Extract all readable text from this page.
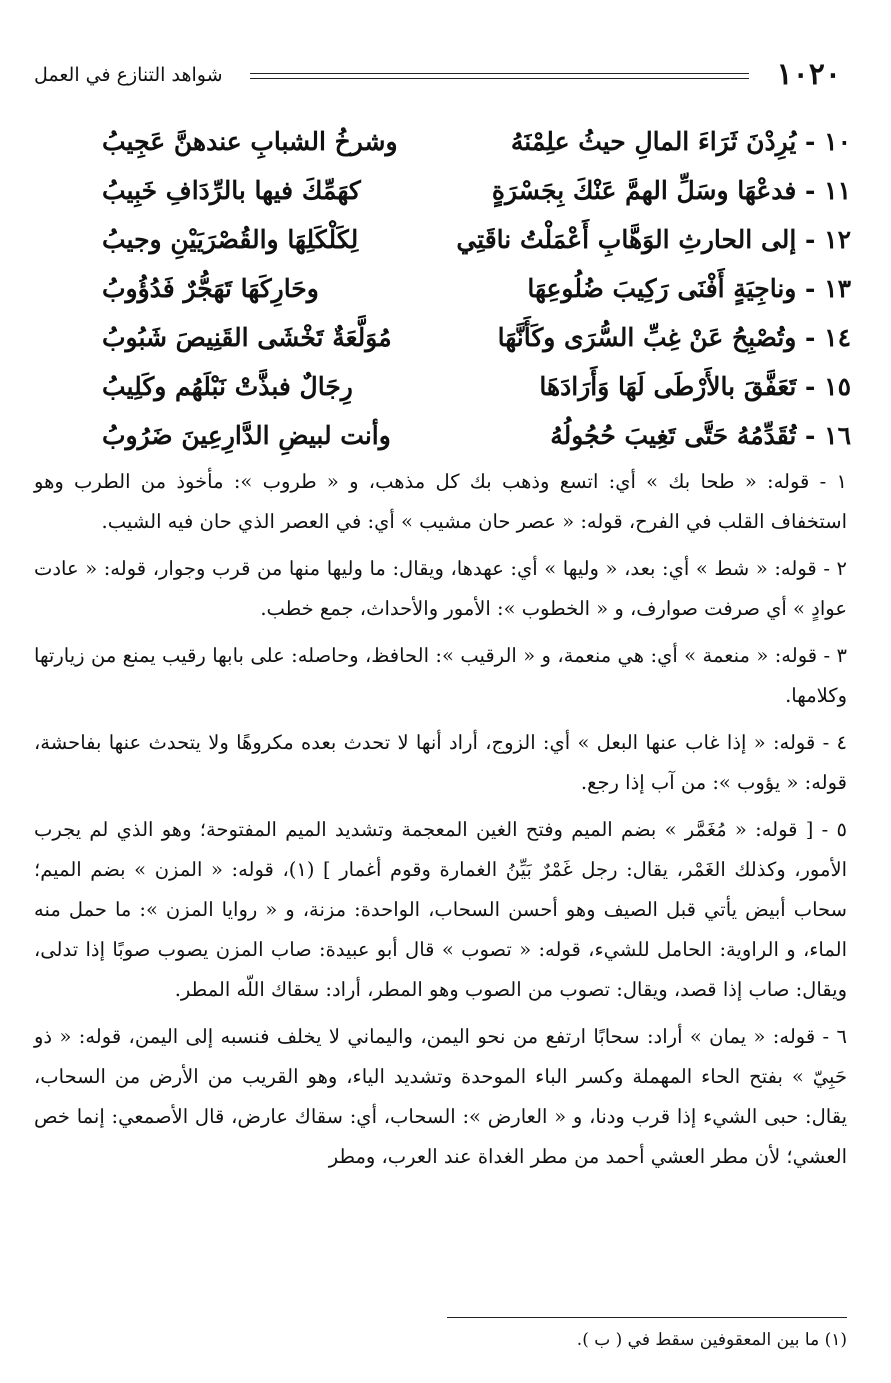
١٠٢٠
شواهد التنازع في العمل
١٠ - يُرِدْنَ ثَرَاءَ المالِ حيثُ علِمْنَهُ
وشرخُ الشبابِ عندهنَّ عَجِيبُ
١١ - فدعْهَا وسَلِّ الهمَّ عَنْكَ بِجَسْرَةٍ
كهَمِّكَ فيها بالرِّدَافِ خَبِيبُ
١٢ - إلى الحارثِ الوَهَّابِ أَعْمَلْتُ ناقَتِي
لِكَلْكَلِهَا والقُصْرَيَيْنِ وجيبُ
١٣ - وناجِيَةٍ أَفْنَى رَكِيبَ ضُلُوعِهَا
وحَارِكَهَا تَهَجُّرٌ فَدُؤُوبُ
١٤ - وتُصْبِحُ عَنْ غِبِّ السُّرَى وكَأَنَّهَا
مُوَلَّعَةٌ تَخْشَى القَنِيصَ شَبُوبُ
١٥ - تَعَفَّقَ بالأَرْطَى لَهَا وَأَرَادَهَا
رِجَالٌ فبذَّتْ نَبْلَهُم وكَلِيبُ
١٦ - تُقَدِّمُهُ حَتَّى تَغِيبَ حُجُولُهُ
وأنت لبيضِ الدَّارِعِينَ ضَرُوبُ

١ - قوله: « طحا بك » أي: اتسع وذهب بك كل مذهب، و « طروب »: مأخوذ من الطرب وهو استخفاف القلب في الفرح، قوله: « عصر حان مشيب » أي: في العصر الذي حان فيه الشيب.

٢ - قوله: « شط » أي: بعد، « وليها » أي: عهدها، ويقال: ما وليها منها من قرب وجوار، قوله: « عادت عوادٍ » أي صرفت صوارف، و « الخطوب »: الأمور والأحداث، جمع خطب.

٣ - قوله: « منعمة » أي: هي منعمة، و « الرقيب »: الحافظ، وحاصله: على بابها رقيب يمنع من زيارتها وكلامها.

٤ - قوله: « إذا غاب عنها البعل » أي: الزوج، أراد أنها لا تحدث بعده مكروهًا ولا يتحدث عنها بفاحشة، قوله: « يؤوب »: من آب إذا رجع.

٥ - [ قوله: « مُغَمَّر » بضم الميم وفتح الغين المعجمة وتشديد الميم المفتوحة؛ وهو الذي لم يجرب الأمور، وكذلك الغَمْر، يقال: رجل غَمْرٌ بَيِّنُ الغمارة وقوم أغمار ] (١)، قوله: « المزن » بضم الميم؛ سحاب أبيض يأتي قبل الصيف وهو أحسن السحاب، الواحدة: مزنة، و « روايا المزن »: ما حمل منه الماء، و الراوية: الحامل للشيء، قوله: « تصوب » قال أبو عبيدة: صاب المزن يصوب صوبًا إذا تدلى، ويقال: صاب إذا قصد، ويقال: تصوب من الصوب وهو المطر، أراد: سقاك اللّه المطر.

٦ - قوله: « يمان » أراد: سحابًا ارتفع من نحو اليمن، واليماني لا يخلف فنسبه إلى اليمن، قوله: « ذو حَبِيّ » بفتح الحاء المهملة وكسر الباء الموحدة وتشديد الياء، وهو القريب من الأرض من السحاب، يقال: حبى الشيء إذا قرب ودنا، و « العارض »: السحاب، أي: سقاك عارض، قال الأصمعي: إنما خص العشي؛ لأن مطر العشي أحمد من مطر الغداة عند العرب، ومطر

(١) ما بين المعقوفين سقط في ( ب ).
